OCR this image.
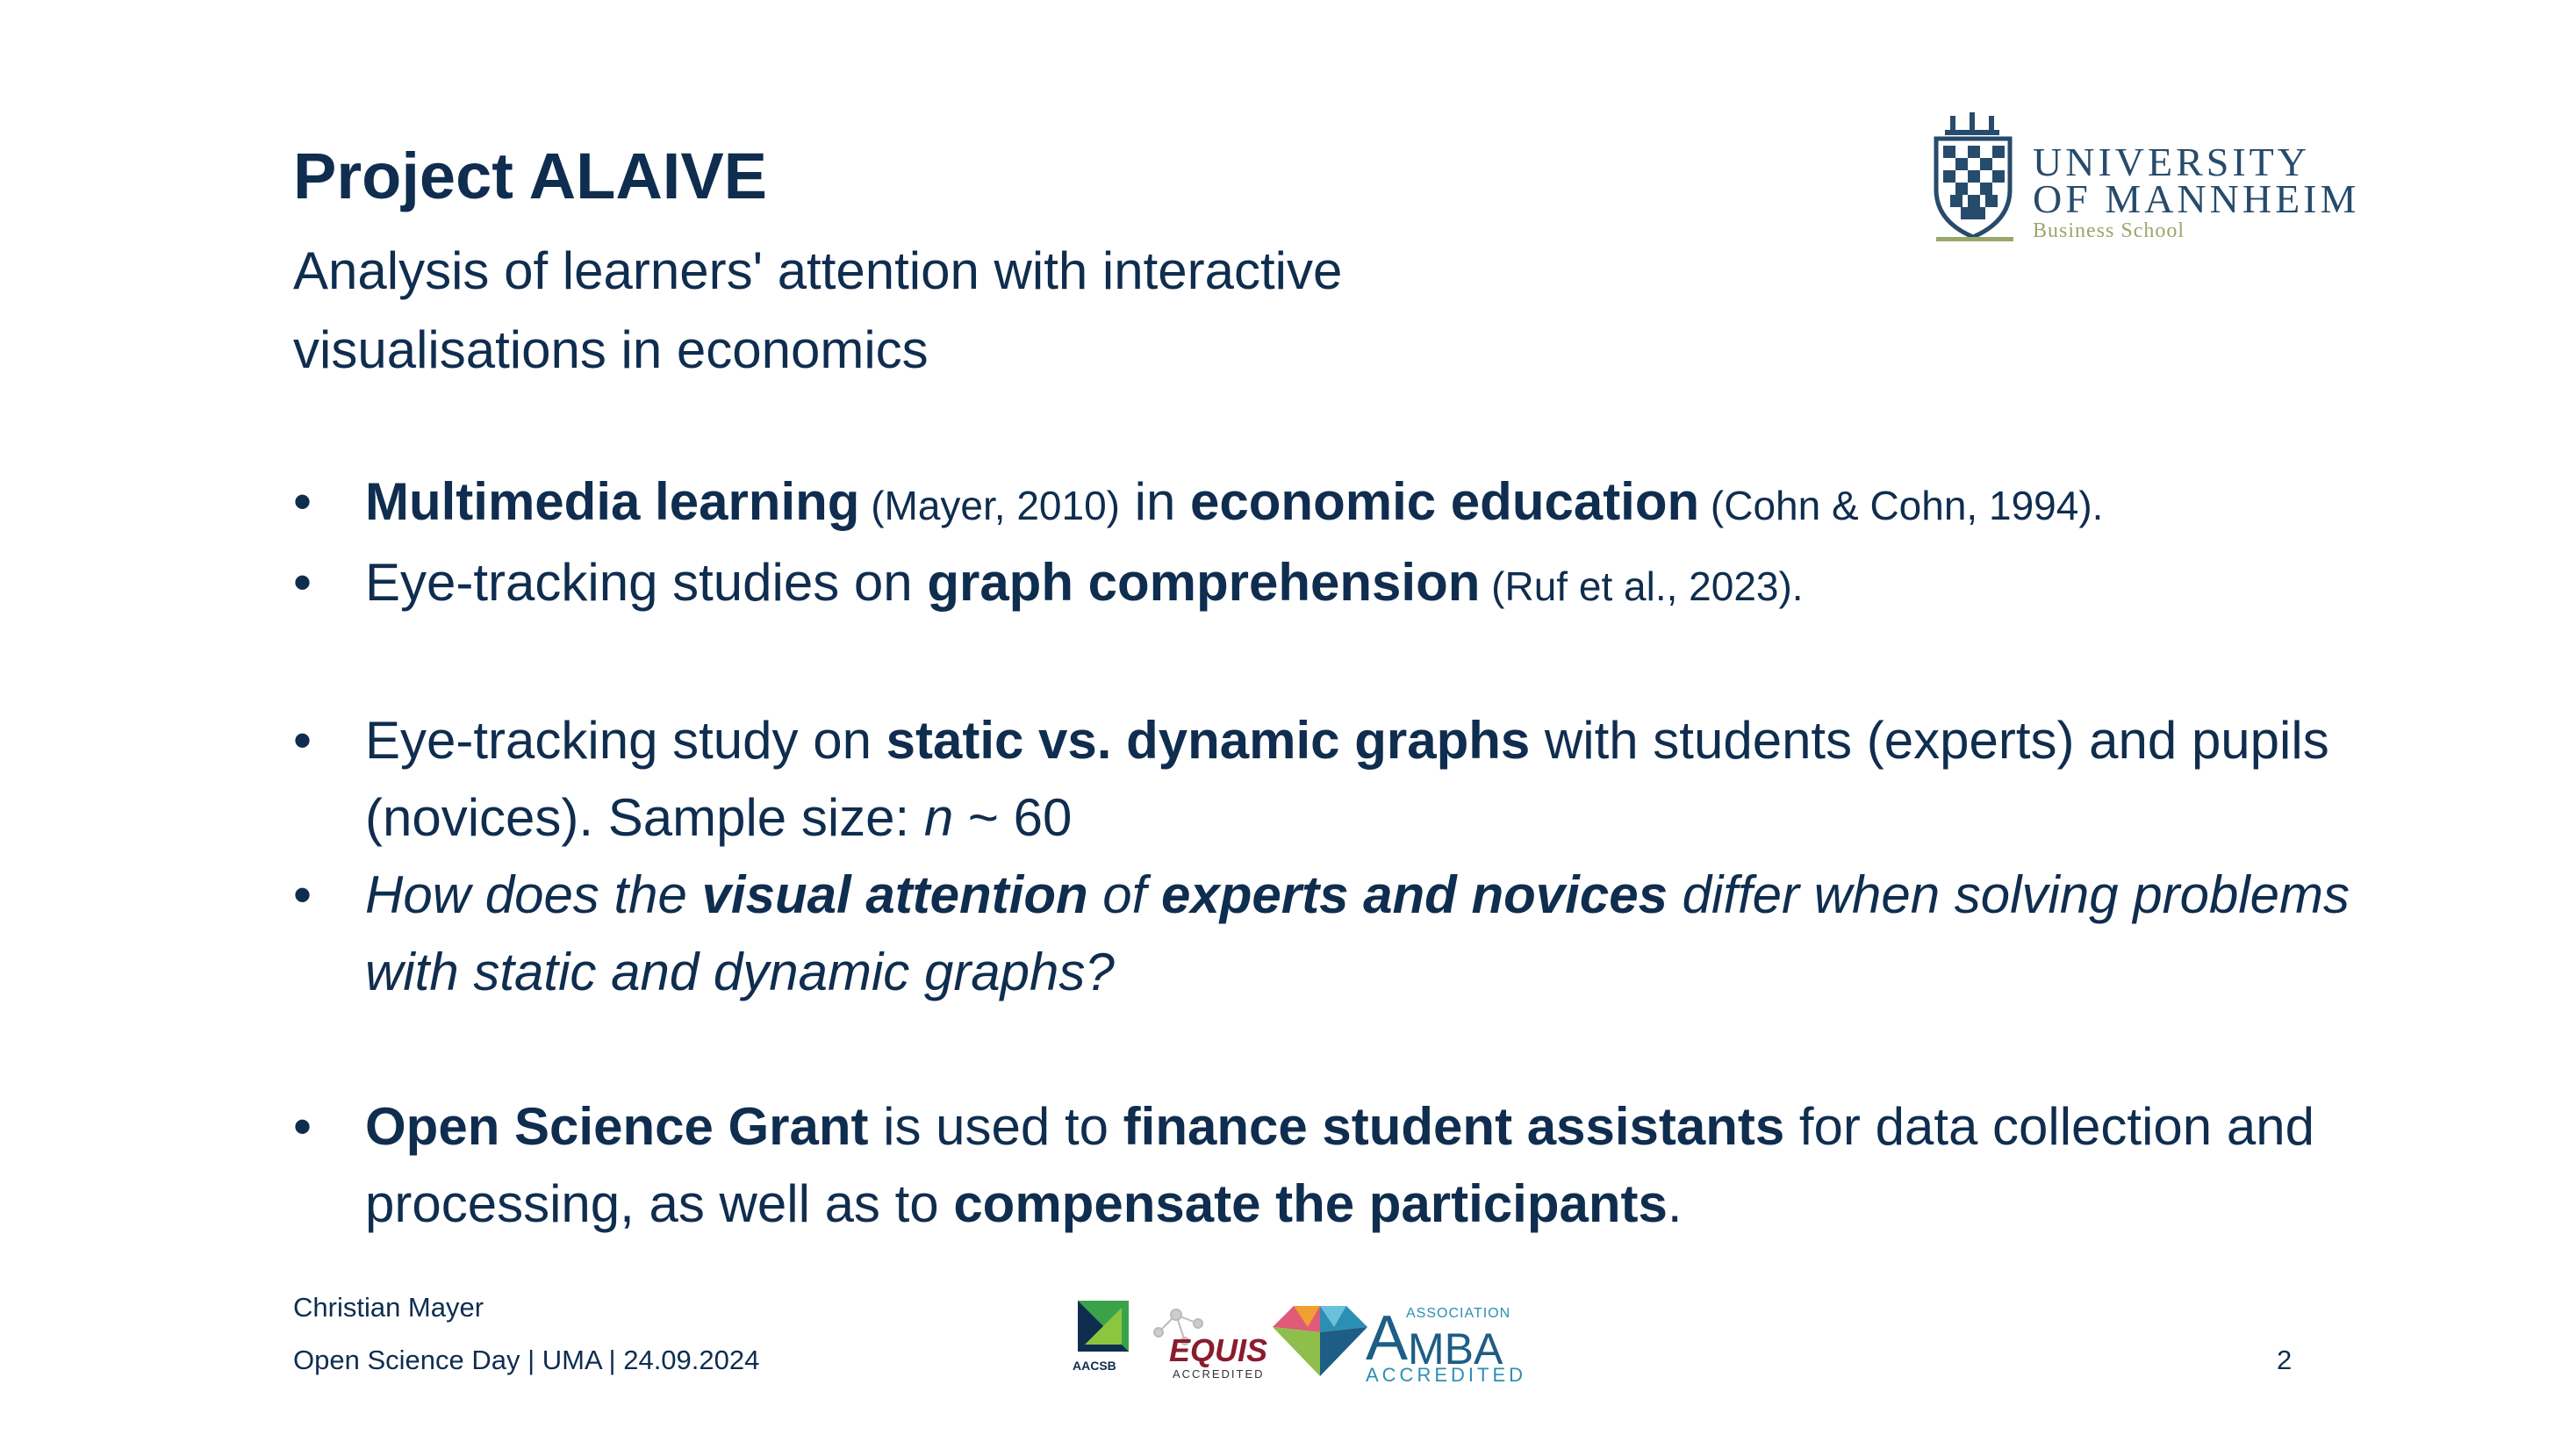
Project ALAIVE
Analysis of learners' attention with interactive visualisations in economics
UNIVERSITY
OF MANNHEIM
Business School
• Multimedia learning (Mayer, 2010) in economic education (Cohn & Cohn, 1994).
• Eye-tracking studies on graph comprehension (Ruf et al., 2023).
• Eye-tracking study on static vs. dynamic graphs with students (experts) and pupils (novices). Sample size: n ~ 60
• How does the visual attention of experts and novices differ when solving problems with static and dynamic graphs?
• Open Science Grant is used to finance student assistants for data collection and processing, as well as to compensate the participants.
Christian Mayer
Open Science Day | UMA | 24.09.2024	2
AACSB EQUIS
ACCREDITED
ASSOCIATION
A MBA
ACCREDITED
